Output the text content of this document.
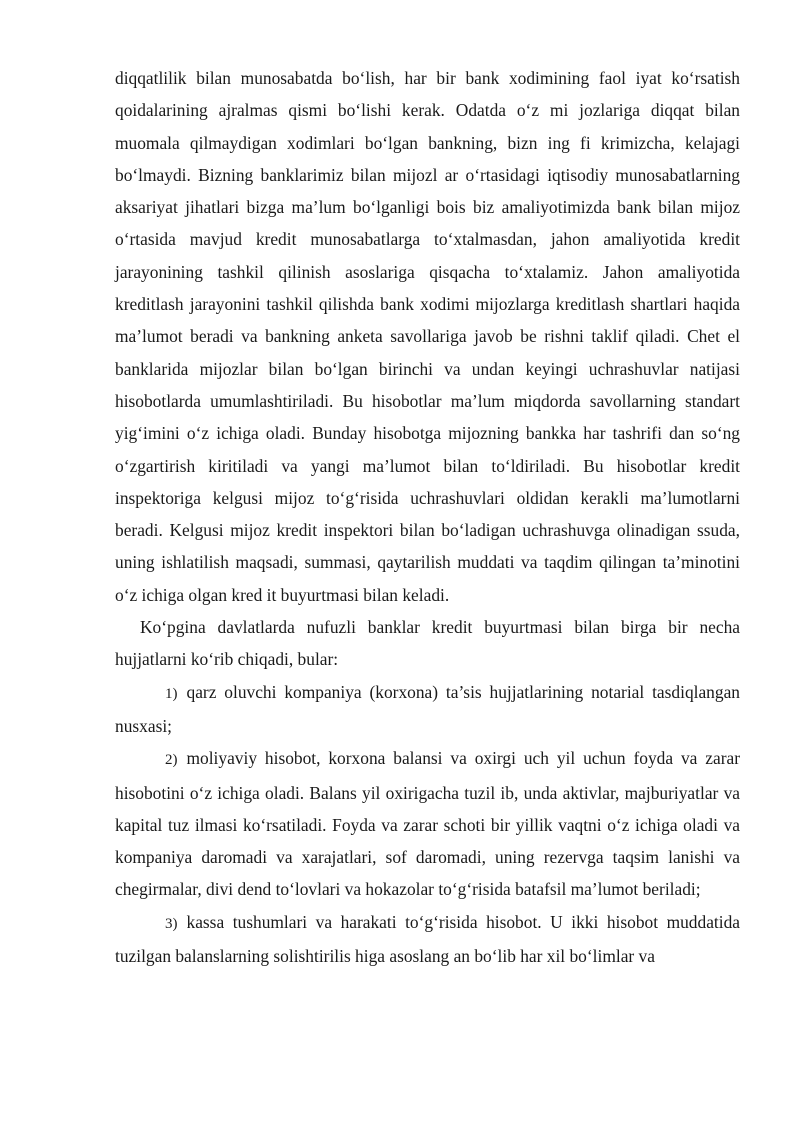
diqqatlilik bilan munosabatda bo‘lish, har bir bank xodimining faol iyat ko‘rsatish qoidalarining ajralmas qismi bo‘lishi kerak. Odatda o‘z mi jozlariga diqqat bilan muomala qilmaydigan xodimlari bo‘lgan bankning, bizn ing fi krimizcha, kelajagi bo‘lmaydi. Bizning banklarimiz bilan mijozl ar o‘rtasidagi iqtisodiy munosabatlarning aksariyat jihatlari bizga ma’lum bo‘lganligi bois biz amaliyotimizda bank bilan mijoz o‘rtasida mavjud kredit munosabatlarga to‘xtalmasdan, jahon amaliyotida kredit jarayonining tashkil qilinish asoslariga qisqacha to‘xtalamiz. Jahon amaliyotida kreditlash jarayonini tashkil qilishda bank xodimi mijozlarga kreditlash shartlari haqida ma’lumot beradi va bankning anketa savollariga javob be rishni taklif qiladi. Chet el banklarida mijozlar bilan bo‘lgan birinchi va undan keyingi uchrashuvlar natijasi hisobotlarda umumlashtiriladi. Bu hisobotlar ma’lum miqdorda savollarning standart yig‘imini o‘z ichiga oladi. Bunday hisobotga mijozning bankka har tashrifi dan so‘ng o‘zgartirish kiritiladi va yangi ma’lumot bilan to‘ldiriladi. Bu hisobotlar kredit inspektoriga kelgusi mijoz to‘g‘risida uchrashuvlari oldidan kerakli ma’lumotlarni beradi. Kelgusi mijoz kredit inspektori bilan bo‘ladigan uchrashuvga olinadigan ssuda, uning ishlatilish maqsadi, summasi, qaytarilish muddati va taqdim qilingan ta’minotini o‘z ichiga olgan kred it buyurtmasi bilan keladi.

Ko‘pgina davlatlarda nufuzli banklar kredit buyurtmasi bilan birga bir necha hujjatlarni ko‘rib chiqadi, bular:

1) qarz oluvchi kompaniya (korxona) ta’sis hujjatlarining notarial tasdiqlangan nusxasi;

2) moliyaviy hisobot, korxona balansi va oxirgi uch yil uchun foyda va zarar hisobotini o‘z ichiga oladi. Balans yil oxirigacha tuzil ib, unda aktivlar, majburiyatlar va kapital tuz ilmasi ko‘rsatiladi. Foyda va zarar schoti bir yillik vaqtni o‘z ichiga oladi va kompaniya daromadi va xarajatlari, sof daromadi, uning rezervga taqsim lanishi va chegirmalar, divi dend to‘lovlari va hokazolar to‘g‘risida batafsil ma’lumot beriladi;

3) kassa tushumlari va harakati to‘g‘risida hisobot. U ikki hisobot muddatida tuzilgan balanslarning solishtirilis higa asoslang an bo‘lib har xil bo‘limlar va
